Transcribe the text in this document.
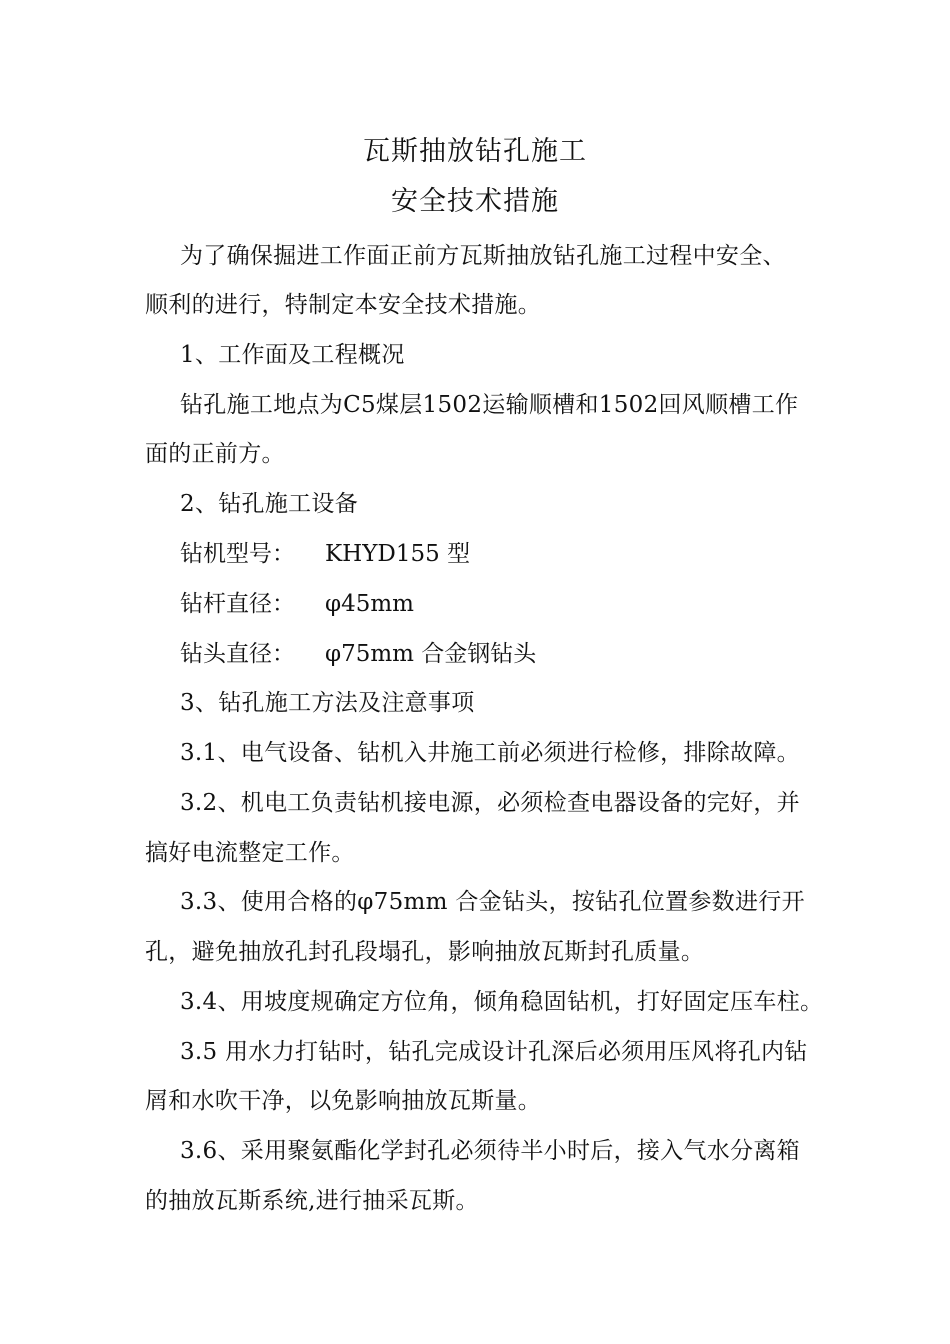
瓦斯抽放钻孔施工
安全技术措施
为了确保掘进工作面正前方瓦斯抽放钻孔施工过程中安全、
顺利的进行，特制定本安全技术措施。
1、工作面及工程概况
钻孔施工地点为C5煤层1502运输顺槽和1502回风顺槽工作
面的正前方。
2、钻孔施工设备
钻机型号： KHYD155 型
钻杆直径： φ45mm
钻头直径： φ75mm 合金钢钻头
3、钻孔施工方法及注意事项
3.1、电气设备、钻机入井施工前必须进行检修，排除故障。
3.2、机电工负责钻机接电源，必须检查电器设备的完好，并
搞好电流整定工作。
3.3、使用合格的φ75mm 合金钻头，按钻孔位置参数进行开
孔，避免抽放孔封孔段塌孔，影响抽放瓦斯封孔质量。
3.4、用坡度规确定方位角，倾角稳固钻机，打好固定压车柱。
3.5 用水力打钻时，钻孔完成设计孔深后必须用压风将孔内钻
屑和水吹干净，以免影响抽放瓦斯量。
3.6、采用聚氨酯化学封孔必须待半小时后，接入气水分离箱
的抽放瓦斯系统,进行抽采瓦斯。
